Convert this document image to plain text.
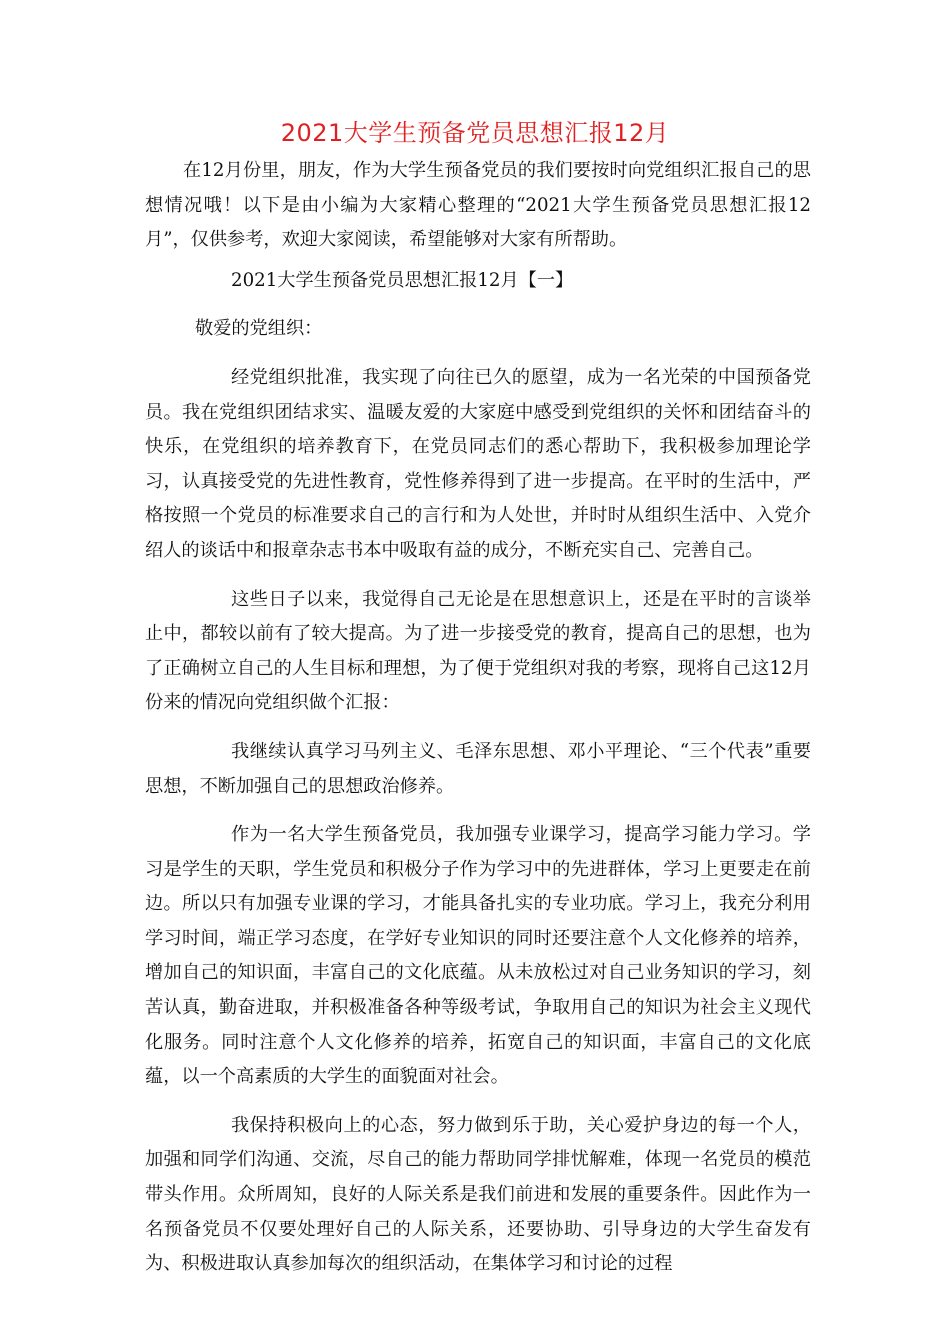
2021大学生预备党员思想汇报12月

在12月份里，朋友，作为大学生预备党员的我们要按时向党组织汇报自己的思想情况哦！以下是由小编为大家精心整理的“2021大学生预备党员思想汇报12月”，仅供参考，欢迎大家阅读，希望能够对大家有所帮助。

2021大学生预备党员思想汇报12月【一】

敬爱的党组织：

经党组织批准，我实现了向往已久的愿望，成为一名光荣的中国预备党员。我在党组织团结求实、温暖友爱的大家庭中感受到党组织的关怀和团结奋斗的快乐，在党组织的培养教育下，在党员同志们的悉心帮助下，我积极参加理论学习，认真接受党的先进性教育，党性修养得到了进一步提高。在平时的生活中，严格按照一个党员的标准要求自己的言行和为人处世，并时时从组织生活中、入党介绍人的谈话中和报章杂志书本中吸取有益的成分，不断充实自己、完善自己。

这些日子以来，我觉得自己无论是在思想意识上，还是在平时的言谈举止中，都较以前有了较大提高。为了进一步接受党的教育，提高自己的思想，也为了正确树立自己的人生目标和理想，为了便于党组织对我的考察，现将自己这12月份来的情况向党组织做个汇报：

我继续认真学习马列主义、毛泽东思想、邓小平理论、“三个代表”重要思想，不断加强自己的思想政治修养。

作为一名大学生预备党员，我加强专业课学习，提高学习能力学习。学习是学生的天职，学生党员和积极分子作为学习中的先进群体，学习上更要走在前边。所以只有加强专业课的学习，才能具备扎实的专业功底。学习上，我充分利用学习时间，端正学习态度，在学好专业知识的同时还要注意个人文化修养的培养，增加自己的知识面，丰富自己的文化底蕴。从未放松过对自己业务知识的学习，刻苦认真，勤奋进取，并积极准备各种等级考试，争取用自己的知识为社会主义现代化服务。同时注意个人文化修养的培养，拓宽自己的知识面，丰富自己的文化底蕴，以一个高素质的大学生的面貌面对社会。

我保持积极向上的心态，努力做到乐于助，关心爱护身边的每一个人，加强和同学们沟通、交流，尽自己的能力帮助同学排忧解难，体现一名党员的模范带头作用。众所周知，良好的人际关系是我们前进和发展的重要条件。因此作为一名预备党员不仅要处理好自己的人际关系，还要协助、引导身边的大学生奋发有为、积极进取认真参加每次的组织活动，在集体学习和讨论的过程
